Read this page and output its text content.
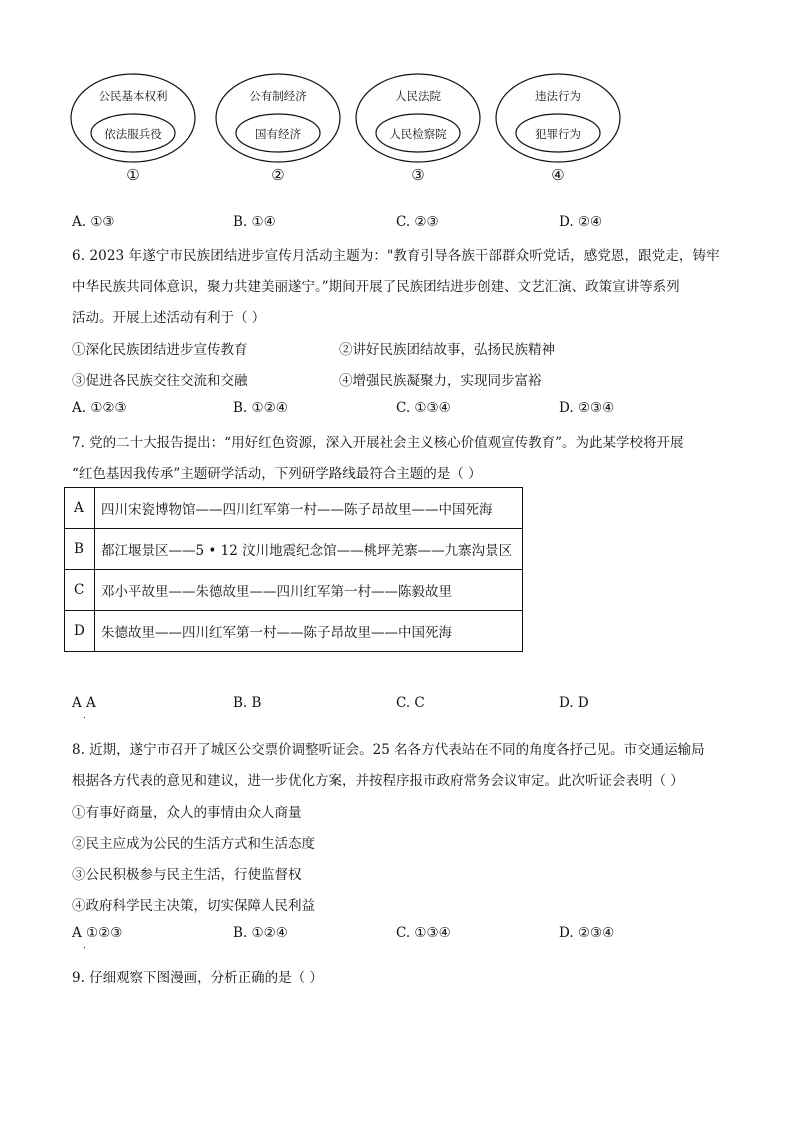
公民基本权利
依法服兵役
①
公有制经济
国有经济
②
人民法院
人民检察院
③
违法行为
犯罪行为
④
A. ①③	B. ①④	C. ②③	D. ②④
6. 2023 年遂宁市民族团结进步宣传月活动主题为："教育引导各族干部群众听党话，感党恩，跟党走，铸牢
中华民族共同体意识，聚力共建美丽遂宁。”期间开展了民族团结进步创建、文艺汇演、政策宣讲等系列
活动。开展上述活动有利于（ ）
①深化民族团结进步宣传教育	②讲好民族团结故事，弘扬民族精神
③促进各民族交往交流和交融	④增强民族凝聚力，实现同步富裕
A. ①②③	B. ①②④	C. ①③④	D. ②③④
7. 党的二十大报告提出：“用好红色资源，深入开展社会主义核心价值观宣传教育”。为此某学校将开展
“红色基因我传承”主题研学活动，下列研学路线最符合主题的是（ ）
A	四川宋瓷博物馆——四川红军第一村——陈子昂故里——中国死海
B	都江堰景区——5 • 12 汶川地震纪念馆——桃坪羌寨——九寨沟景区
C	邓小平故里——朱德故里——四川红军第一村——陈毅故里
D	朱德故里——四川红军第一村——陈子昂故里——中国死海
A A
.
B. B	C. C	D. D
8. 近期，遂宁市召开了城区公交票价调整听证会。25 名各方代表站在不同的角度各抒己见。市交通运输局
根据各方代表的意见和建议，进一步优化方案，并按程序报市政府常务会议审定。此次听证会表明（ ）
①有事好商量，众人的事情由众人商量
②民主应成为公民的生活方式和生活态度
③公民积极参与民主生活，行使监督权
④政府科学民主决策，切实保障人民利益
A ①②③
.
B. ①②④	C. ①③④	D. ②③④
9. 仔细观察下图漫画，分析正确的是（ ）
